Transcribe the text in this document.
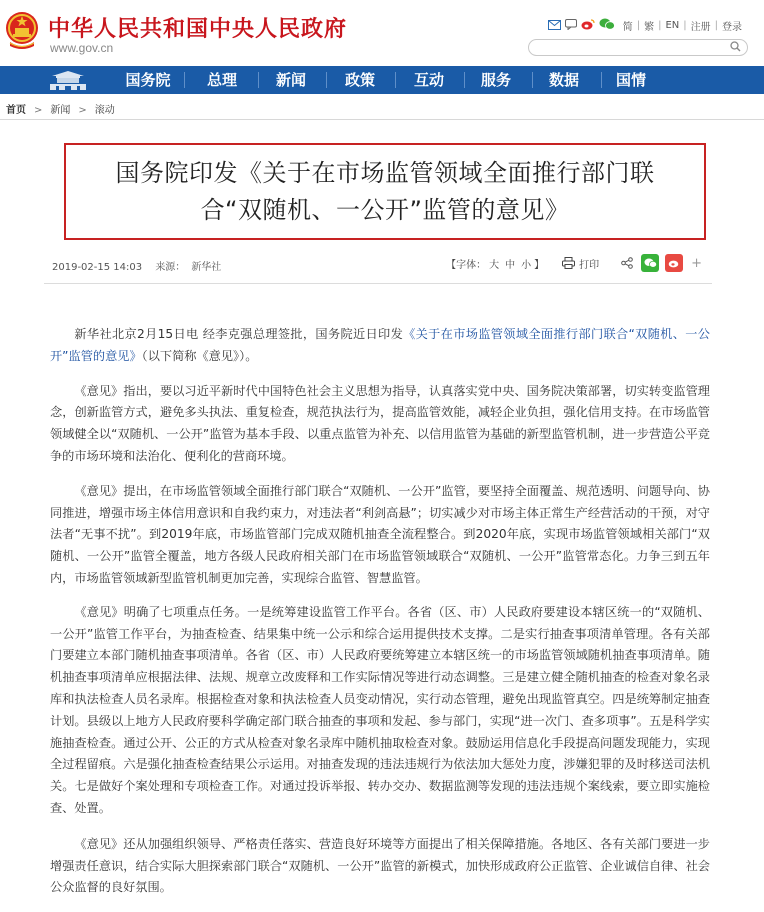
中华人民共和国中央人民政府
www.gov.cn
简 | 繁 | EN | 注册 | 登录
国务院	总理	新闻	政策	互动	服务	数据	国情
首页 > 新闻 > 滚动
国务院印发《关于在市场监管领域全面推行部门联
合“双随机、一公开”监管的意见》
2019-02-15 14:03 来源： 新华社	【字体： 大 中 小 】	打印	+

新华社北京2月15日电 经李克强总理签批，国务院近日印发《关于在市场监管领域全面推行部门联合“双随机、一公开”监管的意见》（以下简称《意见》）。

《意见》指出，要以习近平新时代中国特色社会主义思想为指导，认真落实党中央、国务院决策部署，切实转变监管理念，创新监管方式，避免多头执法、重复检查，规范执法行为，提高监管效能，减轻企业负担，强化信用支持。在市场监管领域健全以“双随机、一公开”监管为基本手段、以重点监管为补充、以信用监管为基础的新型监管机制，进一步营造公平竞争的市场环境和法治化、便利化的营商环境。

《意见》提出，在市场监管领域全面推行部门联合“双随机、一公开”监管，要坚持全面覆盖、规范透明、问题导向、协同推进，增强市场主体信用意识和自我约束力，对违法者“利剑高悬”；切实减少对市场主体正常生产经营活动的干预，对守法者“无事不扰”。到2019年底，市场监管部门完成双随机抽查全流程整合。到2020年底，实现市场监管领域相关部门“双随机、一公开”监管全覆盖，地方各级人民政府相关部门在市场监管领域联合“双随机、一公开”监管常态化。力争三到五年内，市场监管领域新型监管机制更加完善，实现综合监管、智慧监管。

《意见》明确了七项重点任务。一是统筹建设监管工作平台。各省（区、市）人民政府要建设本辖区统一的“双随机、一公开”监管工作平台，为抽查检查、结果集中统一公示和综合运用提供技术支撑。二是实行抽查事项清单管理。各有关部门要建立本部门随机抽查事项清单。各省（区、市）人民政府要统筹建立本辖区统一的市场监管领域随机抽查事项清单。随机抽查事项清单应根据法律、法规、规章立改废释和工作实际情况等进行动态调整。三是建立健全随机抽查的检查对象名录库和执法检查人员名录库。根据检查对象和执法检查人员变动情况，实行动态管理，避免出现监管真空。四是统筹制定抽查计划。县级以上地方人民政府要科学确定部门联合抽查的事项和发起、参与部门，实现“进一次门、查多项事”。五是科学实施抽查检查。通过公开、公正的方式从检查对象名录库中随机抽取检查对象。鼓励运用信息化手段提高问题发现能力，实现全过程留痕。六是强化抽查检查结果公示运用。对抽查发现的违法违规行为依法加大惩处力度，涉嫌犯罪的及时移送司法机关。七是做好个案处理和专项检查工作。对通过投诉举报、转办交办、数据监测等发现的违法违规个案线索，要立即实施检查、处置。

《意见》还从加强组织领导、严格责任落实、营造良好环境等方面提出了相关保障措施。各地区、各有关部门要进一步增强责任意识，结合实际大胆探索部门联合“双随机、一公开”监管的新模式，加快形成政府公正监管、企业诚信自律、社会公众监督的良好氛围。
